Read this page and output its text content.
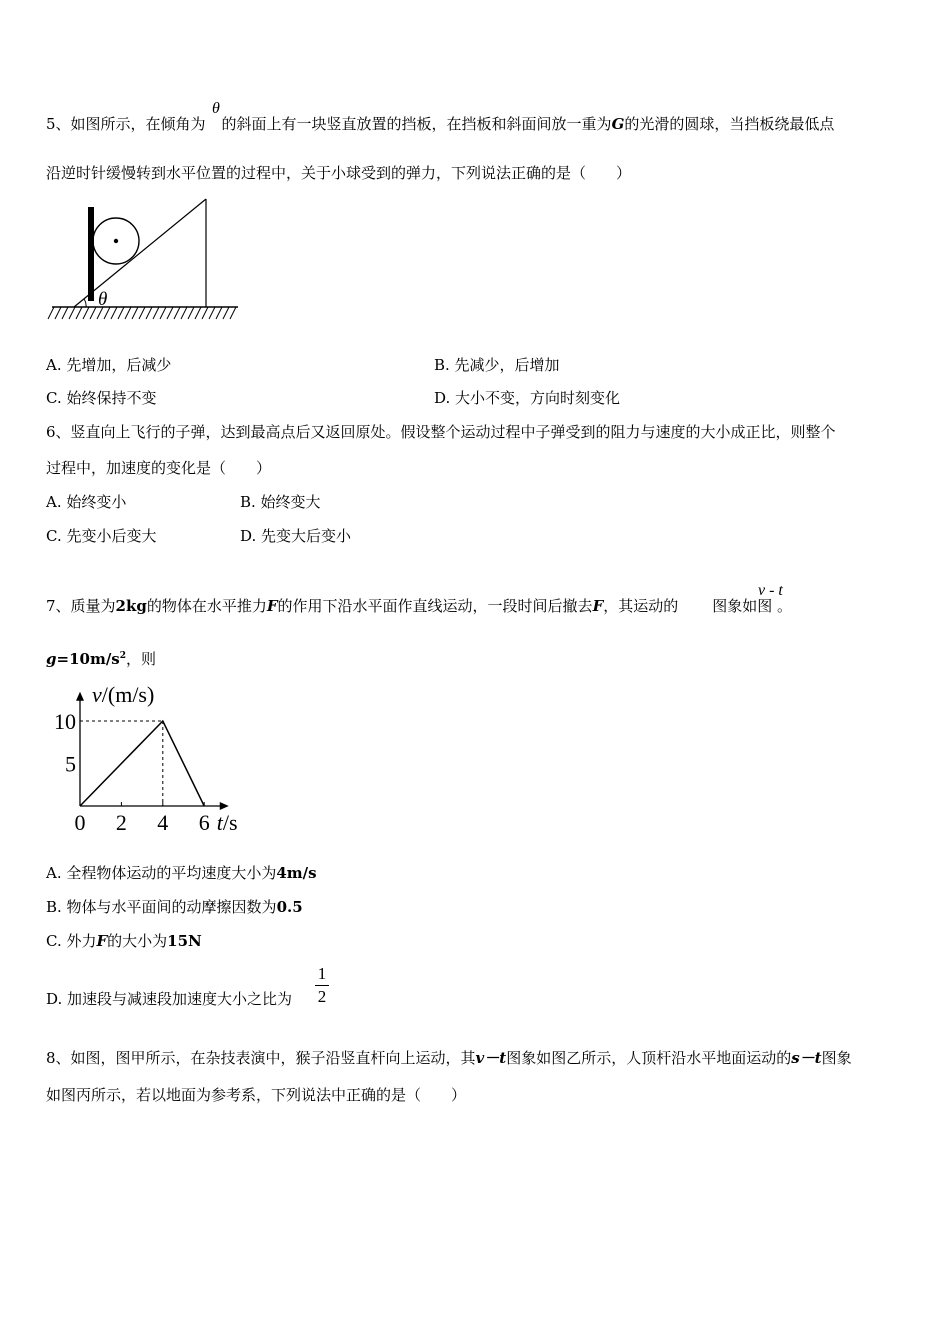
θ
5、如图所示，在倾角为 的斜面上有一块竖直放置的挡板，在挡板和斜面间放一重为G的光滑的圆球，当挡板绕最低点
沿逆时针缓慢转到水平位置的过程中，关于小球受到的弹力，下列说法正确的是（　　）
θ
A. 先增加，后减少	B. 先减少，后增加
C. 始终保持不变	D. 大小不变，方向时刻变化
6、竖直向上飞行的子弹，达到最高点后又返回原处。假设整个运动过程中子弹受到的阻力与速度的大小成正比，则整个
过程中，加速度的变化是（　　）
A. 始终变小	B. 始终变大
C. 先变小后变大	D. 先变大后变小
v - t
7、质量为2kg的物体在水平推力F的作用下沿水平面作直线运动，一段时间后撤去F，其运动的 图象如图 。
$g=10m/s^2$，则
v/(m/s)
t/s
0 2 4 6
5
10
A. 全程物体运动的平均速度大小为4m/s
B. 物体与水平面间的动摩擦因数为0.5
C. 外力F的大小为15N
D. 加速段与减速段加速度大小之比为
1
2
8、如图，图甲所示，在杂技表演中，猴子沿竖直杆向上运动，其v－t图象如图乙所示，人顶杆沿水平地面运动的s－t图象
如图丙所示，若以地面为参考系，下列说法中正确的是（　　）
